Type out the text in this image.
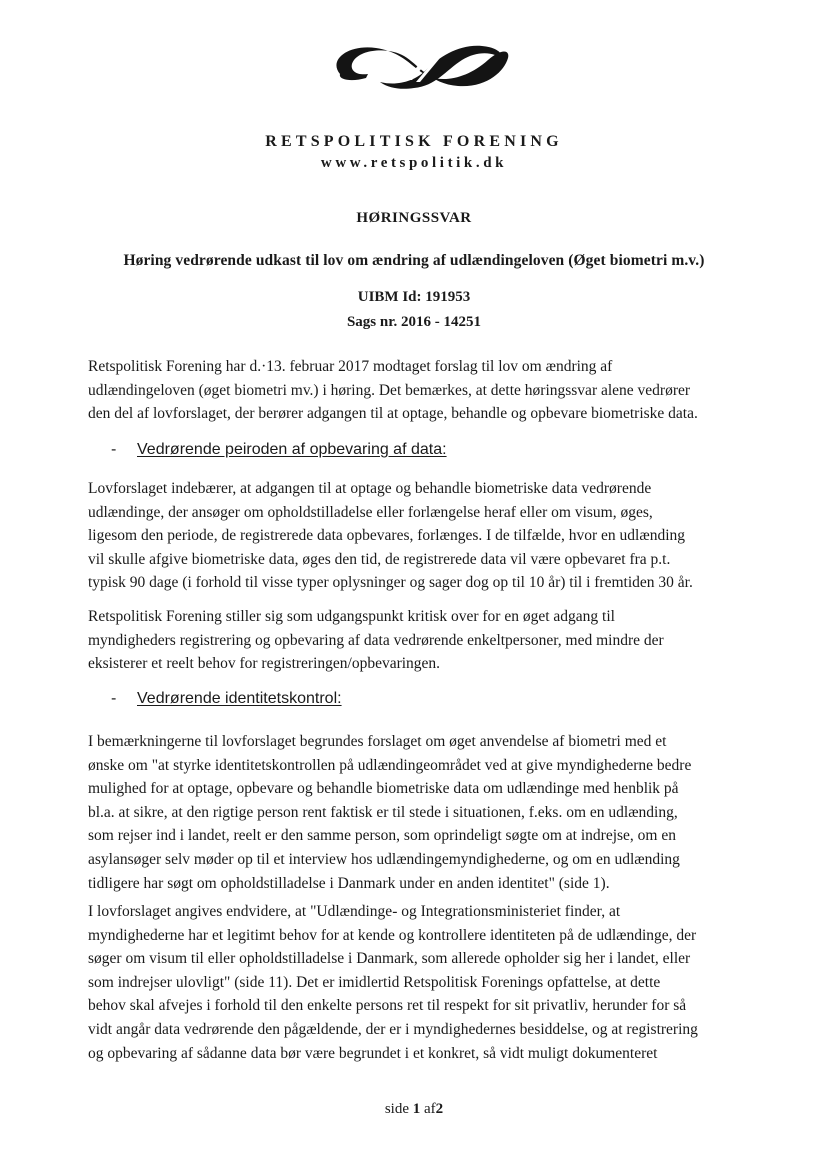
RETSPOLITISK FORENING
www.retspolitik.dk
HØRINGSSVAR
Høring vedrørende udkast til lov om ændring af udlændingeloven (Øget biometri m.v.)
UIBM Id: 191953
Sags nr. 2016 - 14251
Retspolitisk Forening har d.·13. februar 2017 modtaget forslag til lov om ændring af
udlændingeloven (øget biometri mv.) i høring. Det bemærkes, at dette høringssvar alene vedrører
den del af lovforslaget, der berører adgangen til at optage, behandle og opbevare biometriske data.
- Vedrørende peiroden af opbevaring af data:
Lovforslaget indebærer, at adgangen til at optage og behandle biometriske data vedrørende
udlændinge, der ansøger om opholdstilladelse eller forlængelse heraf eller om visum, øges,
ligesom den periode, de registrerede data opbevares, forlænges. I de tilfælde, hvor en udlænding
vil skulle afgive biometriske data, øges den tid, de registrerede data vil være opbevaret fra p.t.
typisk 90 dage (i forhold til visse typer oplysninger og sager dog op til 10 år) til i fremtiden 30 år.
Retspolitisk Forening stiller sig som udgangspunkt kritisk over for en øget adgang til
myndigheders registrering og opbevaring af data vedrørende enkeltpersoner, med mindre der
eksisterer et reelt behov for registreringen/opbevaringen.
- Vedrørende identitetskontrol:
I bemærkningerne til lovforslaget begrundes forslaget om øget anvendelse af biometri med et
ønske om "at styrke identitetskontrollen på udlændingeområdet ved at give myndighederne bedre
mulighed for at optage, opbevare og behandle biometriske data om udlændinge med henblik på
bl.a. at sikre, at den rigtige person rent faktisk er til stede i situationen, f.eks. om en udlænding,
som rejser ind i landet, reelt er den samme person, som oprindeligt søgte om at indrejse, om en
asylansøger selv møder op til et interview hos udlændingemyndighederne, og om en udlænding
tidligere har søgt om opholdstilladelse i Danmark under en anden identitet" (side 1).
I lovforslaget angives endvidere, at "Udlændinge- og Integrationsministeriet finder, at
myndighederne har et legitimt behov for at kende og kontrollere identiteten på de udlændinge, der
søger om visum til eller opholdstilladelse i Danmark, som allerede opholder sig her i landet, eller
som indrejser ulovligt" (side 11). Det er imidlertid Retspolitisk Forenings opfattelse, at dette
behov skal afvejes i forhold til den enkelte persons ret til respekt for sit privatliv, herunder for så
vidt angår data vedrørende den pågældende, der er i myndighedernes besiddelse, og at registrering
og opbevaring af sådanne data bør være begrundet i et konkret, så vidt muligt dokumenteret
side 1 af2
